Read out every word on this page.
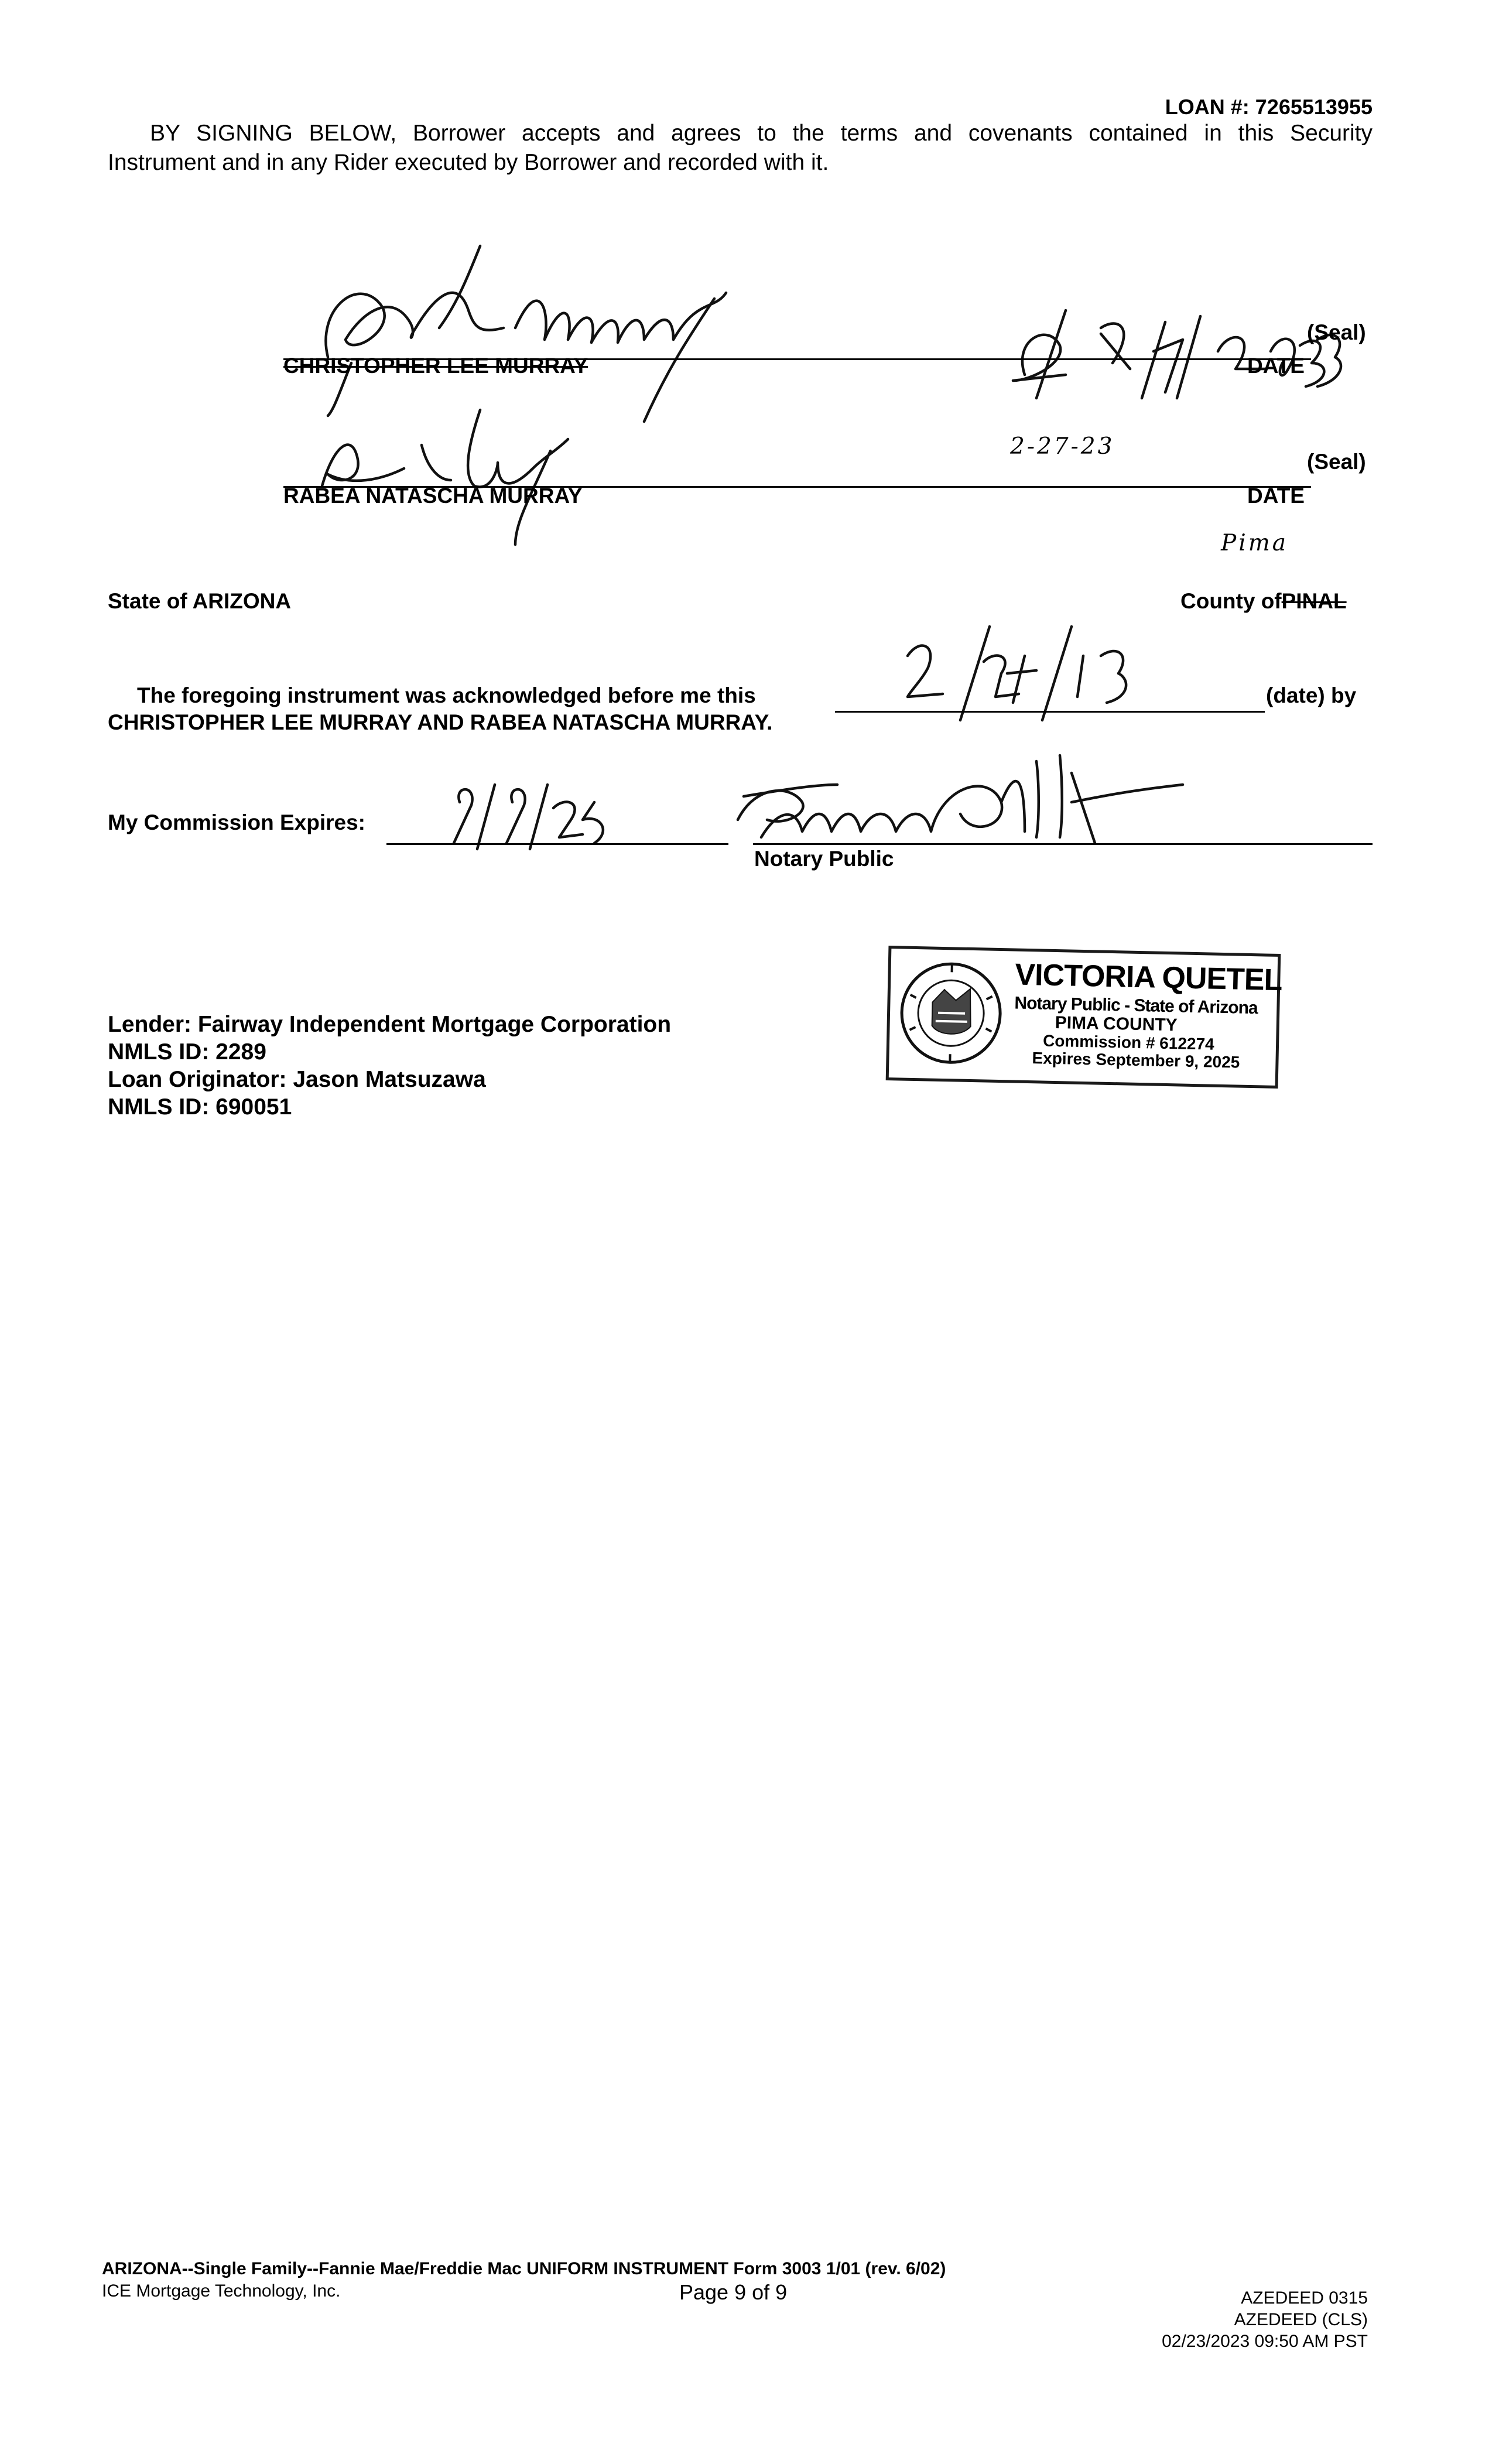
LOAN #: 7265513955
BY SIGNING BELOW, Borrower accepts and agrees to the terms and covenants contained in this Security
Instrument and in any Rider executed by Borrower and recorded with it.
(Seal)
CHRISTOPHER LEE MURRAY	DATE
2-27-23
(Seal)
RABEA NATASCHA MURRAY	DATE
Pima
State of ARIZONA	County ofPINAL
The foregoing instrument was acknowledged before me this	(date) by
CHRISTOPHER LEE MURRAY AND RABEA NATASCHA MURRAY.
My Commission Expires:
Notary Public
VICTORIA QUETEL
Notary Public - State of Arizona
PIMA COUNTY
Commission # 612274
Expires September 9, 2025
Lender: Fairway Independent Mortgage Corporation
NMLS ID: 2289
Loan Originator: Jason Matsuzawa
NMLS ID: 690051
ARIZONA--Single Family--Fannie Mae/Freddie Mac UNIFORM INSTRUMENT Form 3003 1/01 (rev. 6/02)
ICE Mortgage Technology, Inc.	Page 9 of 9	AZEDEED 0315
AZEDEED (CLS)
02/23/2023 09:50 AM PST
